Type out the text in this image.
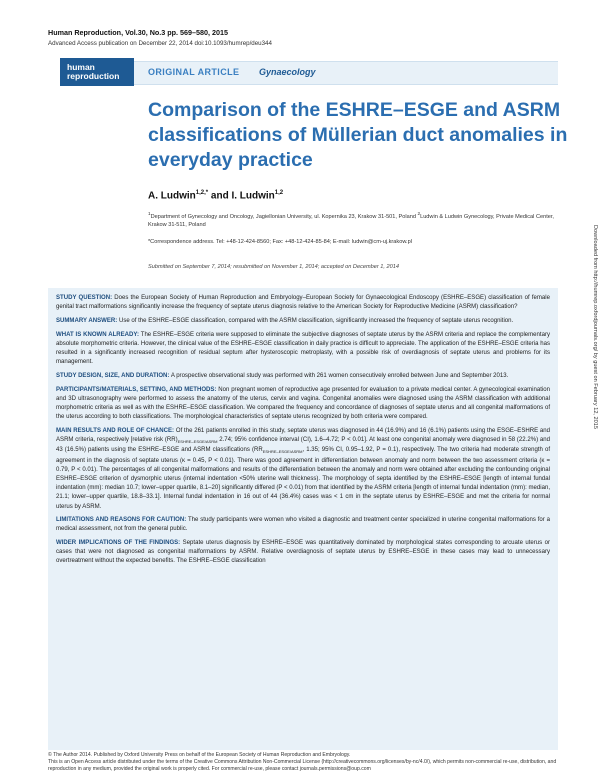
Human Reproduction, Vol.30, No.3 pp. 569–580, 2015
Advanced Access publication on December 22, 2014 doi:10.1093/humrep/deu344
human
reproduction	ORIGINAL ARTICLE Gynaecology
Comparison of the ESHRE–ESGE and ASRM classifications of Müllerian duct anomalies in everyday practice
A. Ludwin$^{1,2,*}$ and I. Ludwin$^{1,2}$
$^1$Department of Gynecology and Oncology, Jagiellonian University, ul. Kopernika 23, Krakow 31-501, Poland $^2$Ludwin & Ludwin Gynecology, Private Medical Center, Krakow 31-511, Poland
*Correspondence address. Tel: +48-12-424-8560; Fax: +48-12-424-85-84; E-mail: ludwin@cm-uj.krakow.pl
Submitted on September 7, 2014; resubmitted on November 1, 2014; accepted on December 1, 2014	Downloaded from http://humrep.oxfordjournals.org/ by guest on February 12, 2015

STUDY QUESTION: Does the European Society of Human Reproduction and Embryology–European Society for Gynaecological Endoscopy (ESHRE–ESGE) classification of female genital tract malformations significantly increase the frequency of septate uterus diagnosis relative to the American Society for Reproductive Medicine (ASRM) classification?

SUMMARY ANSWER: Use of the ESHRE–ESGE classification, compared with the ASRM classification, significantly increased the frequency of septate uterus recognition.

WHAT IS KNOWN ALREADY: The ESHRE–ESGE criteria were supposed to eliminate the subjective diagnoses of septate uterus by the ASRM criteria and replace the complementary absolute morphometric criteria. However, the clinical value of the ESHRE–ESGE classification in daily practice is difficult to appreciate. The application of the ESHRE–ESGE criteria has resulted in a significantly increased recognition of residual septum after hysteroscopic metroplasty, with a possible risk of overdiagnosis of septate uterus and problems for its management.

STUDY DESIGN, SIZE, AND DURATION: A prospective observational study was performed with 261 women consecutively enrolled between June and September 2013.

PARTICIPANTS/MATERIALS, SETTING, AND METHODS: Non pregnant women of reproductive age presented for evaluation to a private medical center. A gynecological examination and 3D ultrasonography were performed to assess the anatomy of the uterus, cervix and vagina. Congenital anomalies were diagnosed using the ASRM classification with additional morphometric criteria as well as with the ESHRE–ESGE classification. We compared the frequency and concordance of diagnoses of septate uterus and all congenital malformations of the uterus according to both classifications. The morphological characteristics of septate uterus recognized by both criteria were compared.

MAIN RESULTS AND ROLE OF CHANCE: Of the 261 patients enrolled in this study, septate uterus was diagnosed in 44 (16.9%) and 16 (6.1%) patients using the ESGE–ESHRE and ASRM criteria, respectively [relative risk $(RR)_{ESHRE-ESGE/ASRM}$ 2.74; 95% confidence interval (CI), 1.6–4.72; P < 0.01]. At least one congenital anomaly were diagnosed in 58 (22.2%) and 43 (16.5%) patients using the ESHRE–ESGE and ASRM classifications ($RR_{ESHRE-ESGE/ASRM}$, 1.35; 95% CI, 0.95–1.92, P = 0.1), respectively. The two criteria had moderate strength of agreement in the diagnosis of septate uterus (κ = 0.45, P < 0.01). There was good agreement in differentiation between anomaly and norm between the two assessment criteria (κ = 0.79, P < 0.01). The percentages of all congenital malformations and results of the differentiation between the anomaly and norm were obtained after excluding the confounding original ESHRE–ESGE criterion of dysmorphic uterus (internal indentation <50% uterine wall thickness). The morphology of septa identified by the ESHRE–ESGE [length of internal fundal indentation (mm): median 10.7; lower–upper quartile, 8.1–20] significantly differed (P < 0.01) from that identified by the ASRM criteria [length of internal fundal indentation (mm): median, 21.1; lower–upper quartile, 18.8–33.1]. Internal fundal indentation in 16 out of 44 (36.4%) cases was < 1 cm in the septate uterus by ESHRE–ESGE and met the criteria for normal uterus by ASRM.

LIMITATIONS AND REASONS FOR CAUTION: The study participants were women who visited a diagnostic and treatment center specialized in uterine congenital malformations for a medical assessment, not from the general public.

WIDER IMPLICATIONS OF THE FINDINGS: Septate uterus diagnosis by ESHRE–ESGE was quantitatively dominated by morphological states corresponding to arcuate uterus or cases that were not diagnosed as congenital malformations by ASRM. Relative overdiagnosis of septate uterus by ESHRE–ESGE in these cases may lead to unnecessary overtreatment without the expected benefits. The ESHRE–ESGE classification

© The Author 2014. Published by Oxford University Press on behalf of the European Society of Human Reproduction and Embryology.
This is an Open Access article distributed under the terms of the Creative Commons Attribution Non-Commercial License (http://creativecommons.org/licenses/by-nc/4.0/), which permits non-commercial re-use, distribution, and reproduction in any medium, provided the original work is properly cited. For commercial re-use, please contact journals.permissions@oup.com
